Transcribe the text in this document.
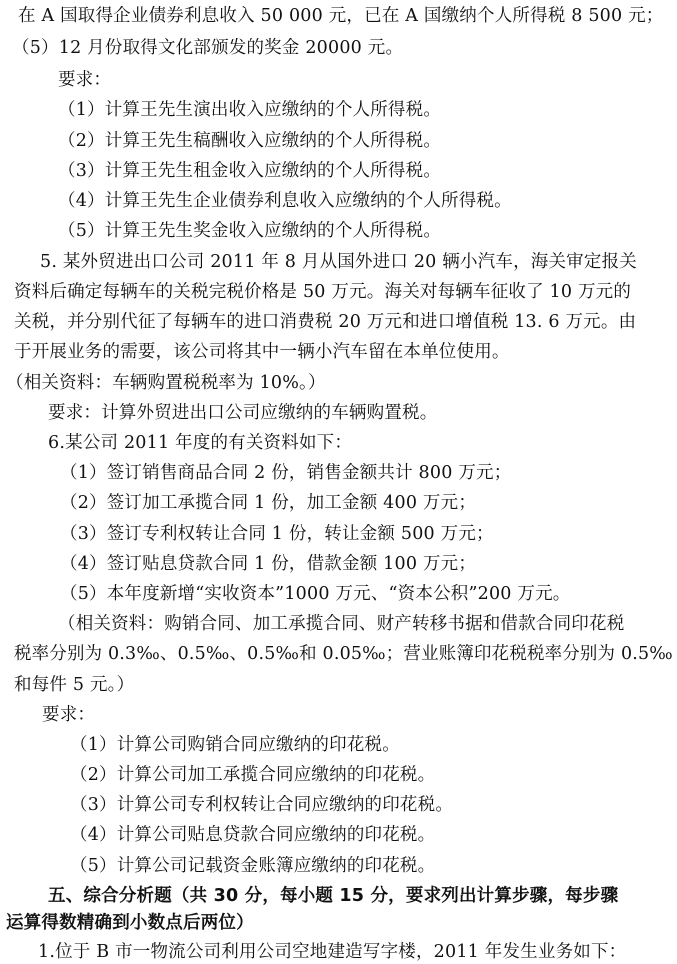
在 A 国取得企业债券利息收入 50 000 元，已在 A 国缴纳个人所得税 8 500 元；
（5）12 月份取得文化部颁发的奖金 20000 元。
要求：
（1）计算王先生演出收入应缴纳的个人所得税。
（2）计算王先生稿酬收入应缴纳的个人所得税。
（3）计算王先生租金收入应缴纳的个人所得税。
（4）计算王先生企业债券利息收入应缴纳的个人所得税。
（5）计算王先生奖金收入应缴纳的个人所得税。
5. 某外贸进出口公司 2011 年 8 月从国外进口 20 辆小汽车，海关审定报关
资料后确定每辆车的关税完税价格是 50 万元。海关对每辆车征收了 10 万元的
关税，并分别代征了每辆车的进口消费税 20 万元和进口增值税 13. 6 万元。由
于开展业务的需要，该公司将其中一辆小汽车留在本单位使用。
（相关资料：车辆购置税税率为 10%。）
要求：计算外贸进出口公司应缴纳的车辆购置税。
6.某公司 2011 年度的有关资料如下：
（1）签订销售商品合同 2 份，销售金额共计 800 万元；
（2）签订加工承揽合同 1 份，加工金额 400 万元；
（3）签订专利权转让合同 1 份，转让金额 500 万元；
（4）签订贴息贷款合同 1 份，借款金额 100 万元；
（5）本年度新增“实收资本”1000 万元、“资本公积”200 万元。
（相关资料：购销合同、加工承揽合同、财产转移书据和借款合同印花税
税率分别为 0.3‰、0.5‰、0.5‰和 0.05‰；营业账簿印花税税率分别为 0.5‰
和每件 5 元。）
要求：
（1）计算公司购销合同应缴纳的印花税。
（2）计算公司加工承揽合同应缴纳的印花税。
（3）计算公司专利权转让合同应缴纳的印花税。
（4）计算公司贴息贷款合同应缴纳的印花税。
（5）计算公司记载资金账簿应缴纳的印花税。
五、综合分析题（共 30 分，每小题 15 分，要求列出计算步骤，每步骤
运算得数精确到小数点后两位）
1.位于 B 市一物流公司利用公司空地建造写字楼，2011 年发生业务如下：
